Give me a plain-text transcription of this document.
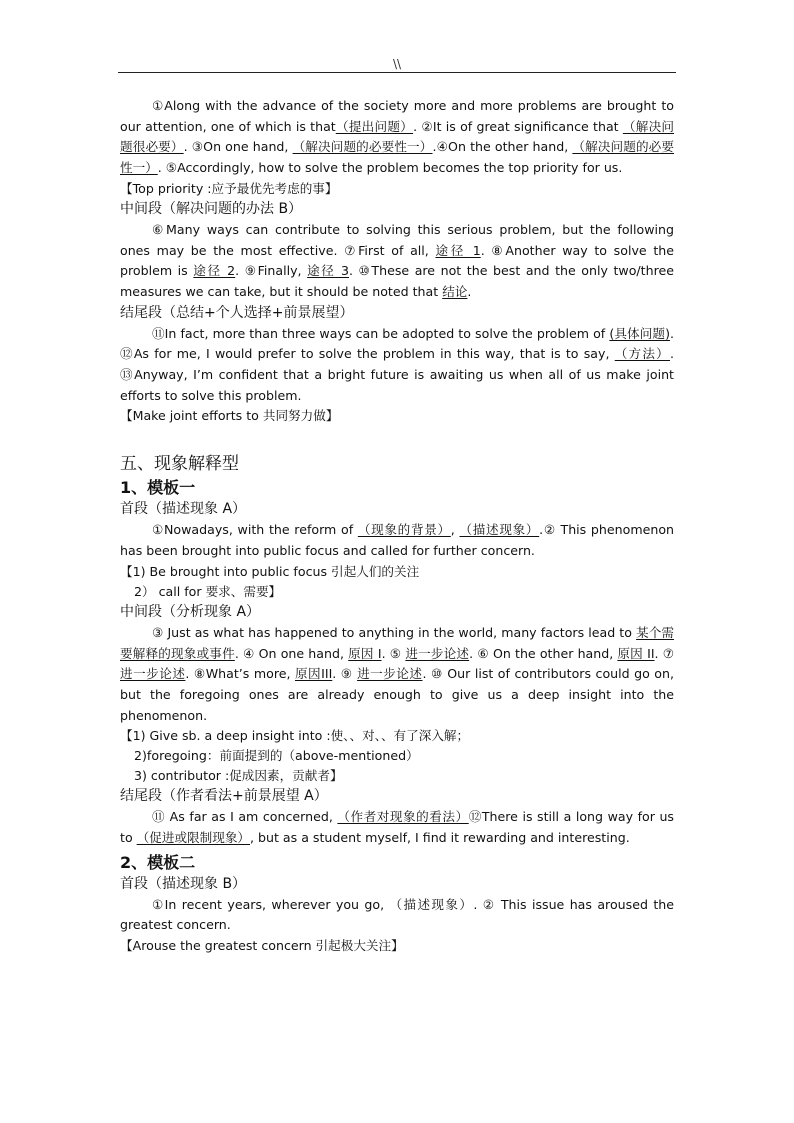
\\

①Along with the advance of the society more and more problems are brought to our attention, one of which is that（提出问题）. ②It is of great significance that （解决问题很必要）. ③On one hand, （解决问题的必要性一）.④On the other hand, （解决问题的必要性一）. ⑤Accordingly, how to solve the problem becomes the top priority for us.

【Top priority :应予最优先考虑的事】

中间段（解决问题的办法 B）

⑥Many ways can contribute to solving this serious problem, but the following ones may be the most effective. ⑦First of all, 途径 1. ⑧Another way to solve the problem is 途径 2. ⑨Finally, 途径 3. ⑩These are not the best and the only two/three measures we can take, but it should be noted that 结论.

结尾段（总结+个人选择+前景展望）

⑪In fact, more than three ways can be adopted to solve the problem of (具体问题). ⑫As for me, I would prefer to solve the problem in this way, that is to say, （方法）. ⑬Anyway, I’m confident that a bright future is awaiting us when all of us make joint efforts to solve this problem.

【Make joint efforts to 共同努力做】

五、现象解释型

1、模板一

首段（描述现象 A）

①Nowadays, with the reform of （现象的背景）, （描述现象）.② This phenomenon has been brought into public focus and called for further concern.

【1) Be brought into public focus 引起人们的关注

2） call for 要求、需要】

中间段（分析现象 A）

③ Just as what has happened to anything in the world, many factors lead to 某个需要解释的现象或事件. ④ On one hand, 原因 I. ⑤ 进一步论述. ⑥ On the other hand, 原因 II. ⑦ 进一步论述. ⑧What’s more, 原因III. ⑨ 进一步论述. ⑩ Our list of contributors could go on, but the foregoing ones are already enough to give us a deep insight into the phenomenon.

【1) Give sb. a deep insight into :使、、对、、有了深入解；

2)foregoing：前面提到的（above-mentioned）

3) contributor :促成因素，贡献者】

结尾段（作者看法+前景展望 A）

⑪ As far as I am concerned, （作者对现象的看法）⑫There is still a long way for us to （促进或限制现象）, but as a student myself, I find it rewarding and interesting.

2、模板二

首段（描述现象 B）

①In recent years, wherever you go, （描述现象）. ② This issue has aroused the greatest concern.

【Arouse the greatest concern 引起极大关注】
